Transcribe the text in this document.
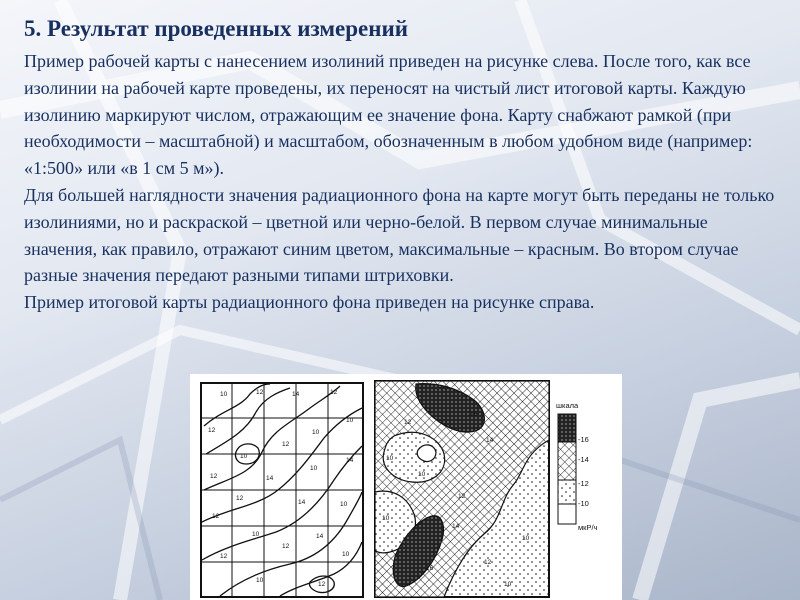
5. Результат проведенных измерений

Пример рабочей карты с нанесением изолиний приведен на рисунке слева. После того, как все изолинии на рабочей карте проведены, их переносят на чистый лист итоговой карты. Каждую изолинию маркируют числом, отражающим ее значение фона. Карту снабжают рамкой (при необходимости – масштабной) и масштабом, обозначенным в любом удобном виде (например: «1:500» или «в 1 см 5 м»).

Для большей наглядности значения радиационного фона на карте могут быть переданы не только изолиниями, но и раскраской – цветной или черно-белой. В первом случае минимальные значения, как правило, отражают синим цветом, максимальные – красным. Во втором случае разные значения передают разными типами штриховки.

Пример итоговой карты радиационного фона приведен на рисунке справа.

10	12	14	12
10
12
10
10
12
14
12	14
10
12
14	10
12
10	14
12
12	10
10
12
10
10
12
14
10
12
14
16
10
12
10
16
шкала
-16
-14
-12
-10
мкР/ч
